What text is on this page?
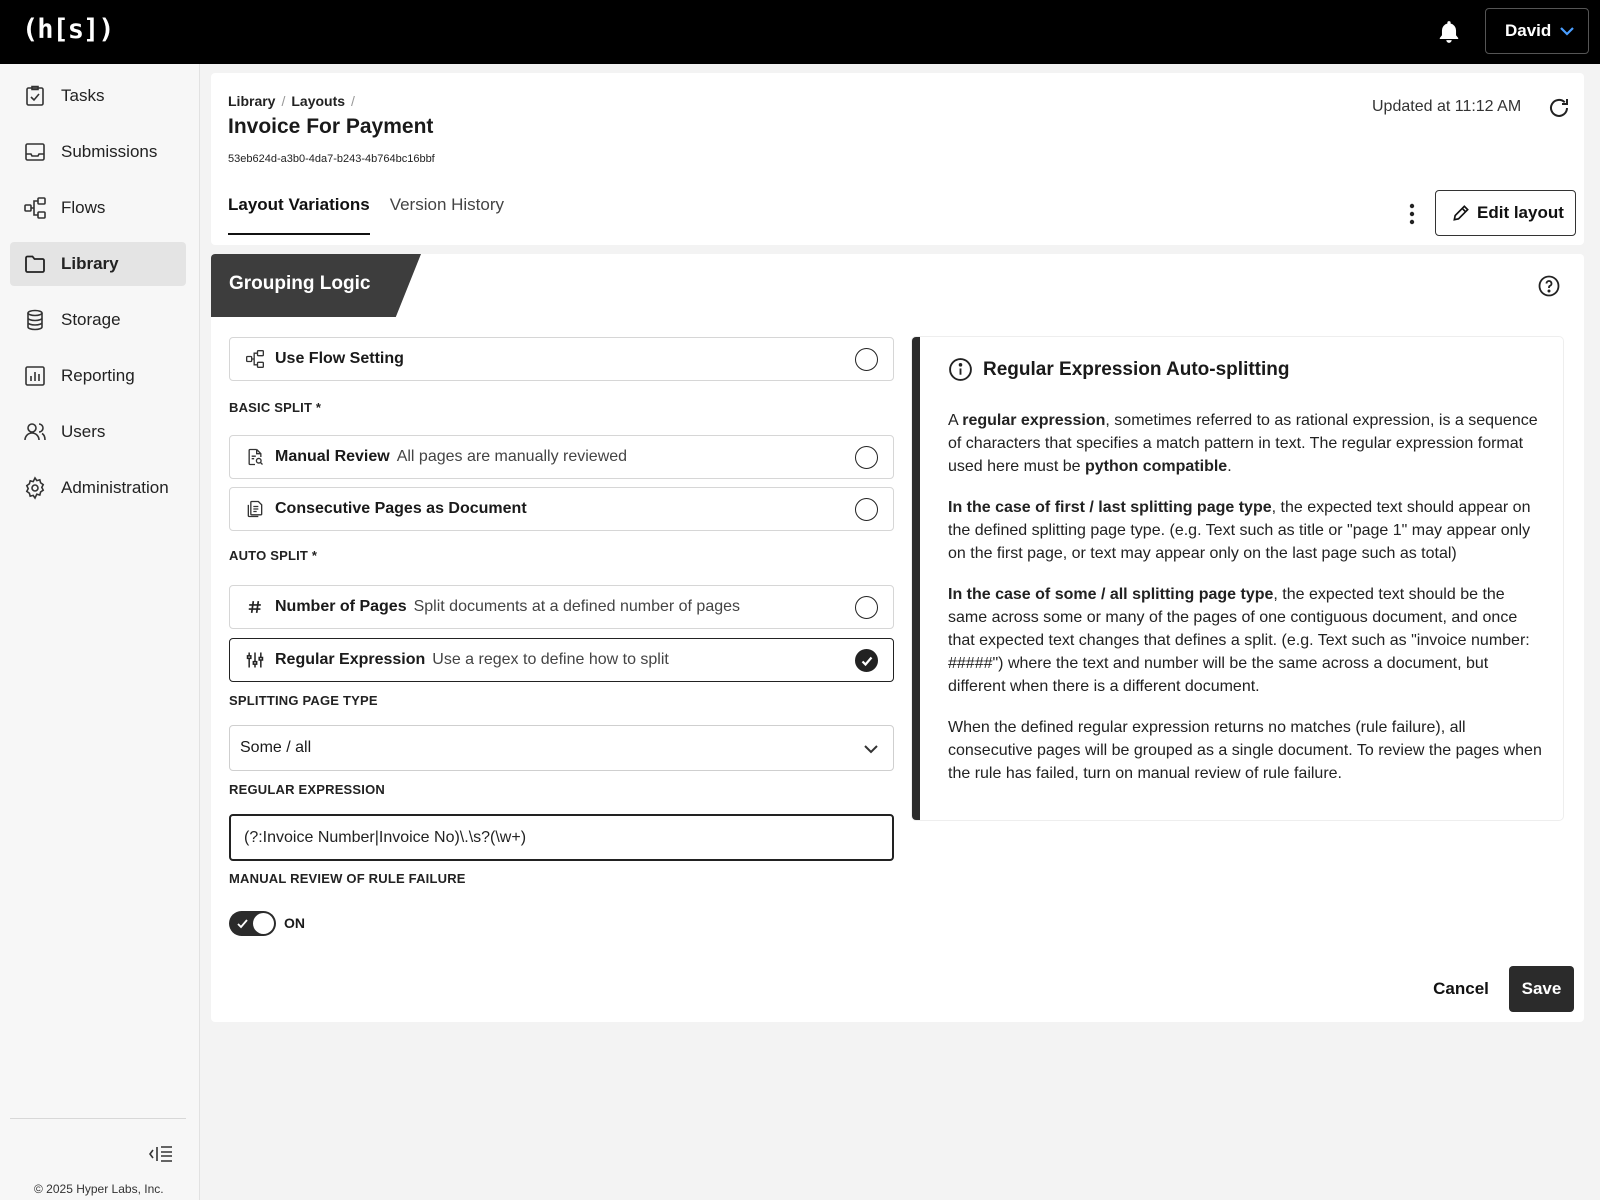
(h[s])	David
Tasks
Submissions
Flows
Library
Storage
Reporting
Users
Administration
© 2025 Hyper Labs, Inc.
Library / Layouts /
Invoice For Payment
53eb624d-a3b0-4da7-b243-4b764bc16bbf
Updated at 11:12 AM
Layout Variations Version History	Edit layout
Grouping Logic
Use Flow Setting
BASIC SPLIT *
Manual Review All pages are manually reviewed
Consecutive Pages as Document
AUTO SPLIT *
Number of Pages Split documents at a defined number of pages
Regular Expression Use a regex to define how to split
SPLITTING PAGE TYPE
Some / all
REGULAR EXPRESSION
(?:Invoice Number|Invoice No)\.\s?(\w+)
MANUAL REVIEW OF RULE FAILURE
ON
Regular Expression Auto-splitting

A regular expression, sometimes referred to as rational expression, is a sequence of characters that specifies a match pattern in text. The regular expression format used here must be python compatible.

In the case of first / last splitting page type, the expected text should appear on the defined splitting page type. (e.g. Text such as title or "page 1" may appear only on the first page, or text may appear only on the last page such as total)

In the case of some / all splitting page type, the expected text should be the same across some or many of the pages of one contiguous document, and once that expected text changes that defines a split. (e.g. Text such as "invoice number: #####") where the text and number will be the same across a document, but different when there is a different document.

When the defined regular expression returns no matches (rule failure), all consecutive pages will be grouped as a single document. To review the pages when the rule has failed, turn on manual review of rule failure.

Cancel	Save
